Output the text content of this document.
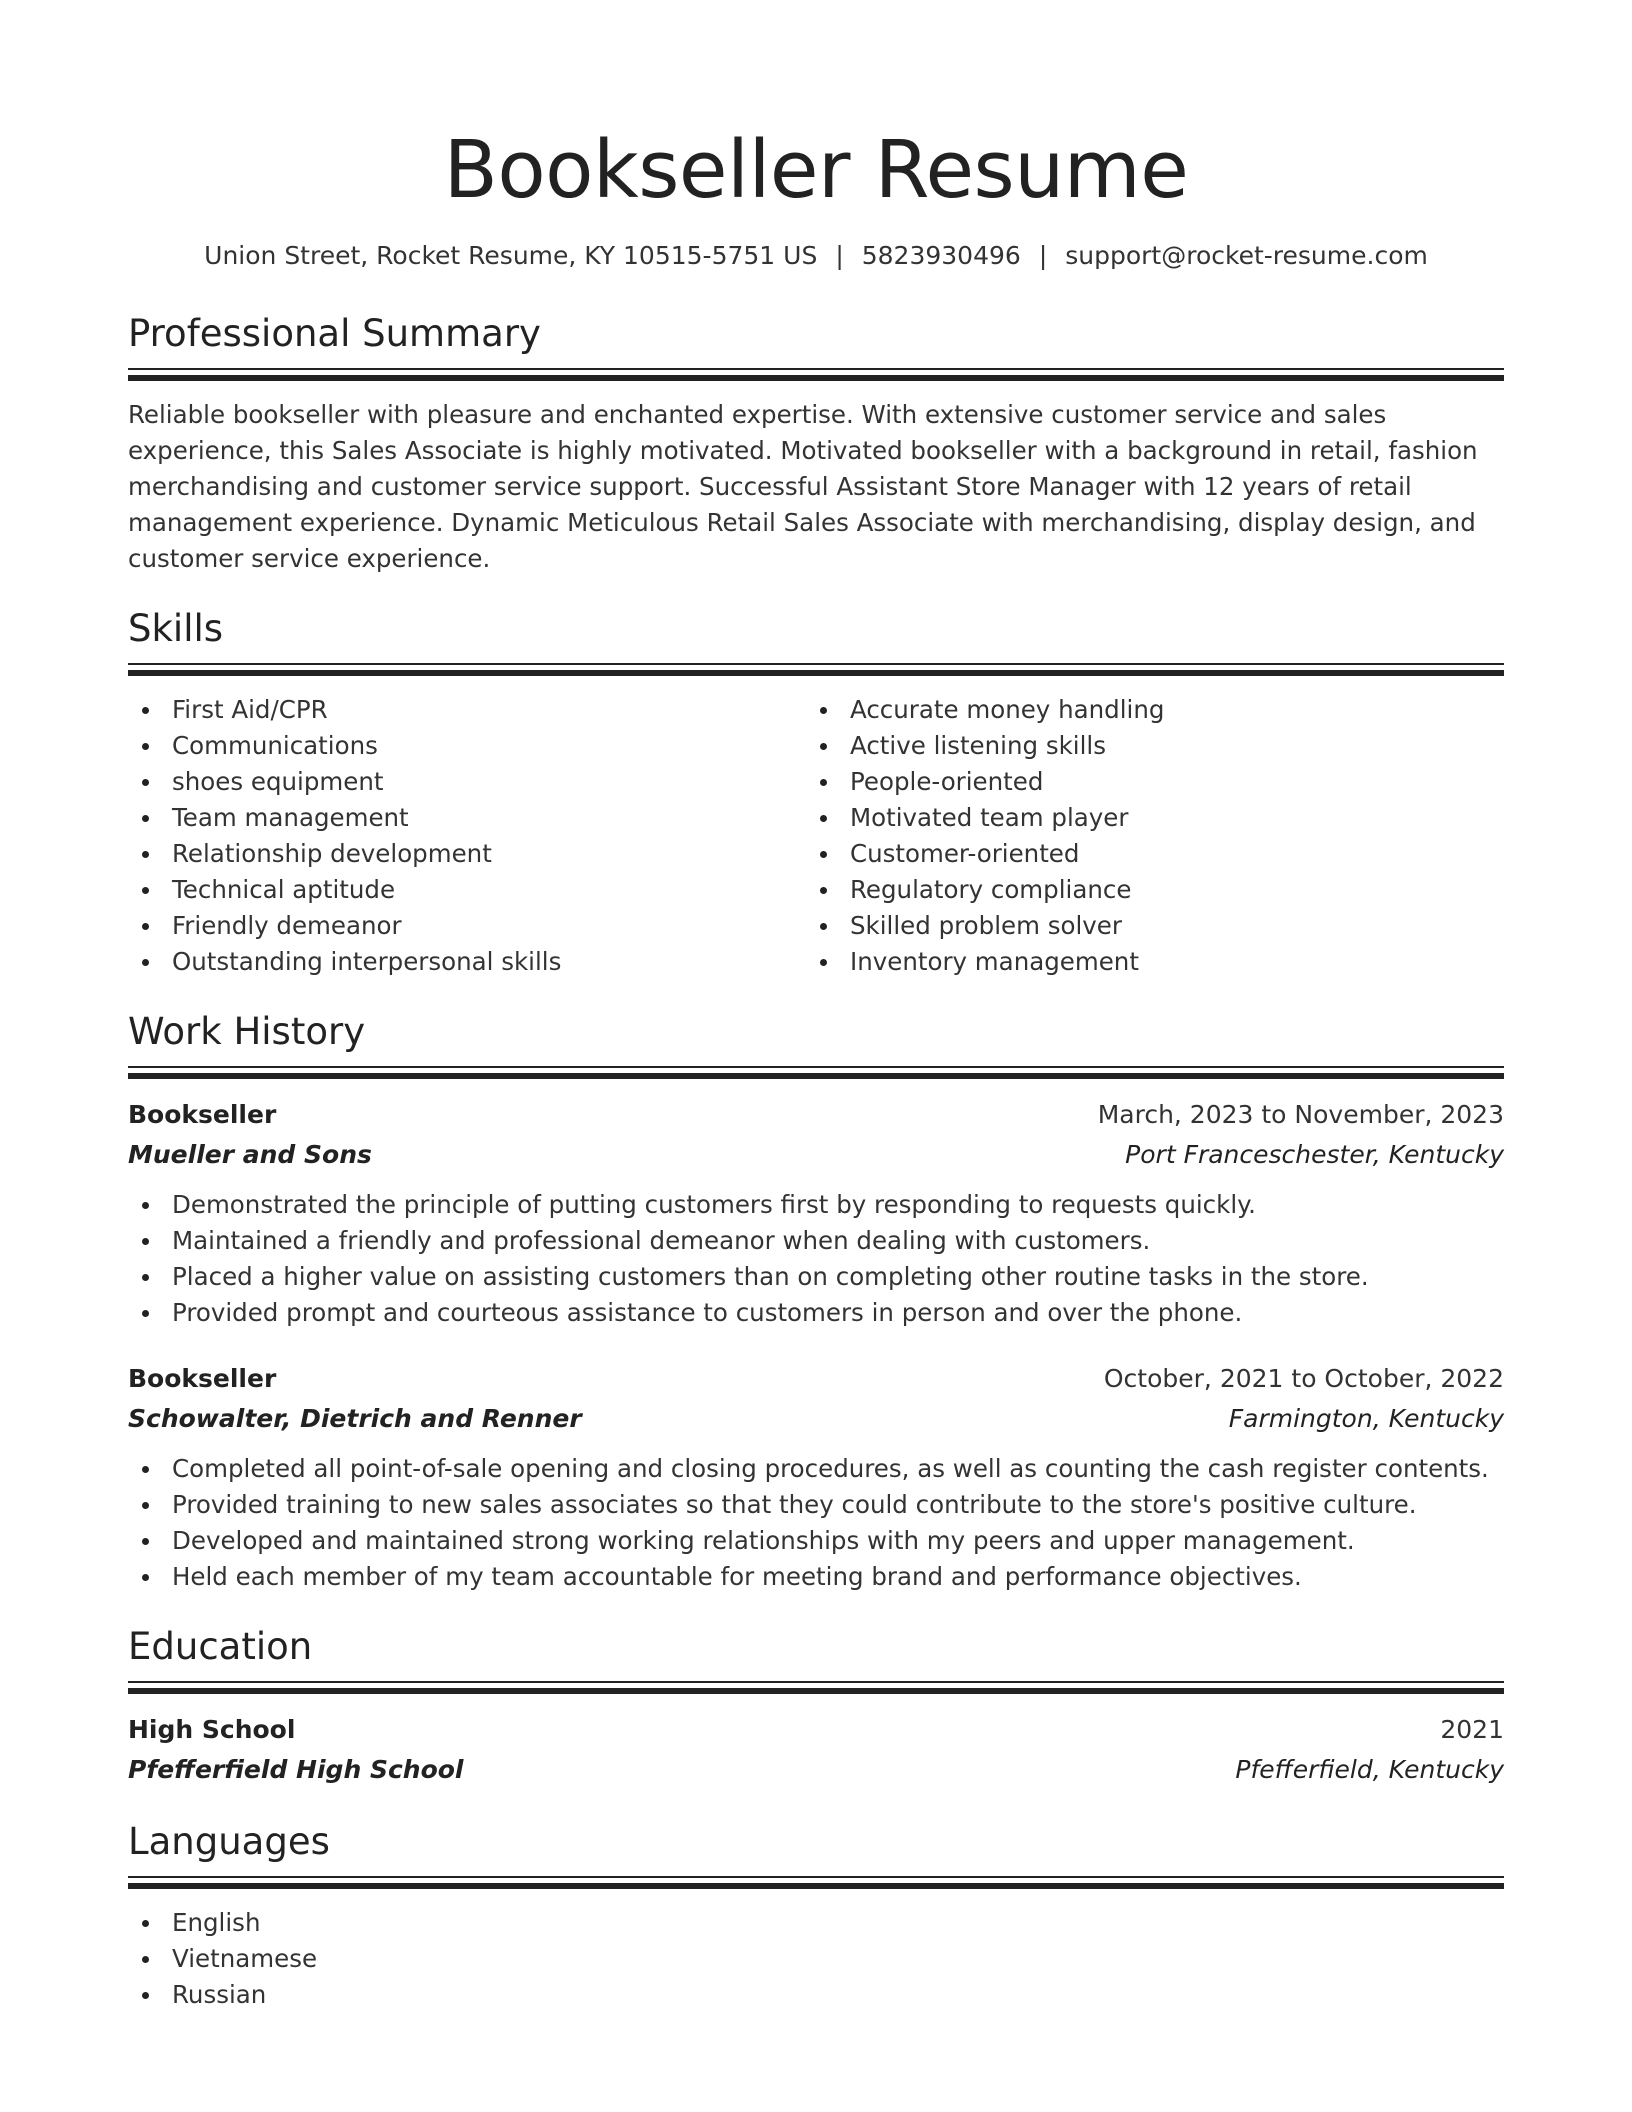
Bookseller Resume
Union Street, Rocket Resume, KY 10515-5751 US | 5823930496 | support@rocket-resume.com
Professional Summary

Reliable bookseller with pleasure and enchanted expertise. With extensive customer service and sales experience, this Sales Associate is highly motivated. Motivated bookseller with a background in retail, fashion merchandising and customer service support. Successful Assistant Store Manager with 12 years of retail management experience. Dynamic Meticulous Retail Sales Associate with merchandising, display design, and customer service experience.

Skills
First Aid/CPR
Communications
shoes equipment
Team management
Relationship development
Technical aptitude
Friendly demeanor
Outstanding interpersonal skills
Accurate money handling
Active listening skills
People-oriented
Motivated team player
Customer-oriented
Regulatory compliance
Skilled problem solver
Inventory management
Work History
Bookseller	March, 2023 to November, 2023
Mueller and Sons	Port Franceschester, Kentucky
Demonstrated the principle of putting customers first by responding to requests quickly.
Maintained a friendly and professional demeanor when dealing with customers.
Placed a higher value on assisting customers than on completing other routine tasks in the store.
Provided prompt and courteous assistance to customers in person and over the phone.
Bookseller	October, 2021 to October, 2022
Schowalter, Dietrich and Renner	Farmington, Kentucky
Completed all point-of-sale opening and closing procedures, as well as counting the cash register contents.
Provided training to new sales associates so that they could contribute to the store's positive culture.
Developed and maintained strong working relationships with my peers and upper management.
Held each member of my team accountable for meeting brand and performance objectives.
Education
High School	2021
Pfefferfield High School	Pfefferfield, Kentucky
Languages
English
Vietnamese
Russian
